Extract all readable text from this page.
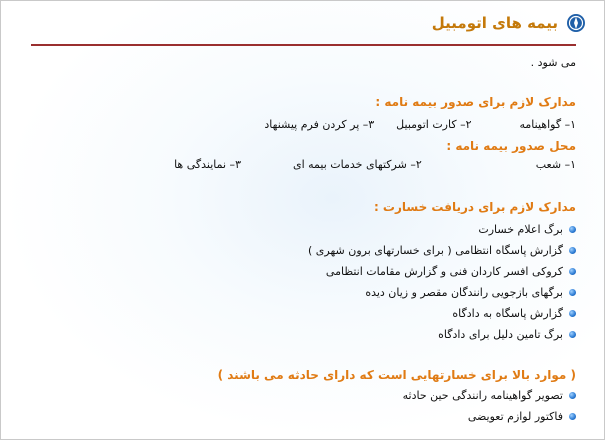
بیمه های اتومبیل
می شود .
مدارک لازم برای صدور بیمه نامه :
۱– گواهینامه
۲– کارت اتومبیل
۳– پر کردن فرم پیشنهاد
محل صدور بیمه نامه :
۱– شعب
۲– شرکتهای خدمات بیمه ای
۳– نمایندگی ها
مدارک لازم برای دریافت خسارت :
برگ اعلام خسارت
گزارش پاسگاه انتظامی ( برای خسارتهای برون شهری )
کروکی افسر کاردان فنی و گزارش مقامات انتظامی
برگهای بازجویی رانندگان مقصر و زیان دیده
گزارش پاسگاه به دادگاه
برگ تامین دلیل برای دادگاه
( موارد بالا برای خسارتهایی است که دارای حادثه می باشند )
تصویر گواهینامه رانندگی حین حادثه
فاکتور لوازم تعویضی
